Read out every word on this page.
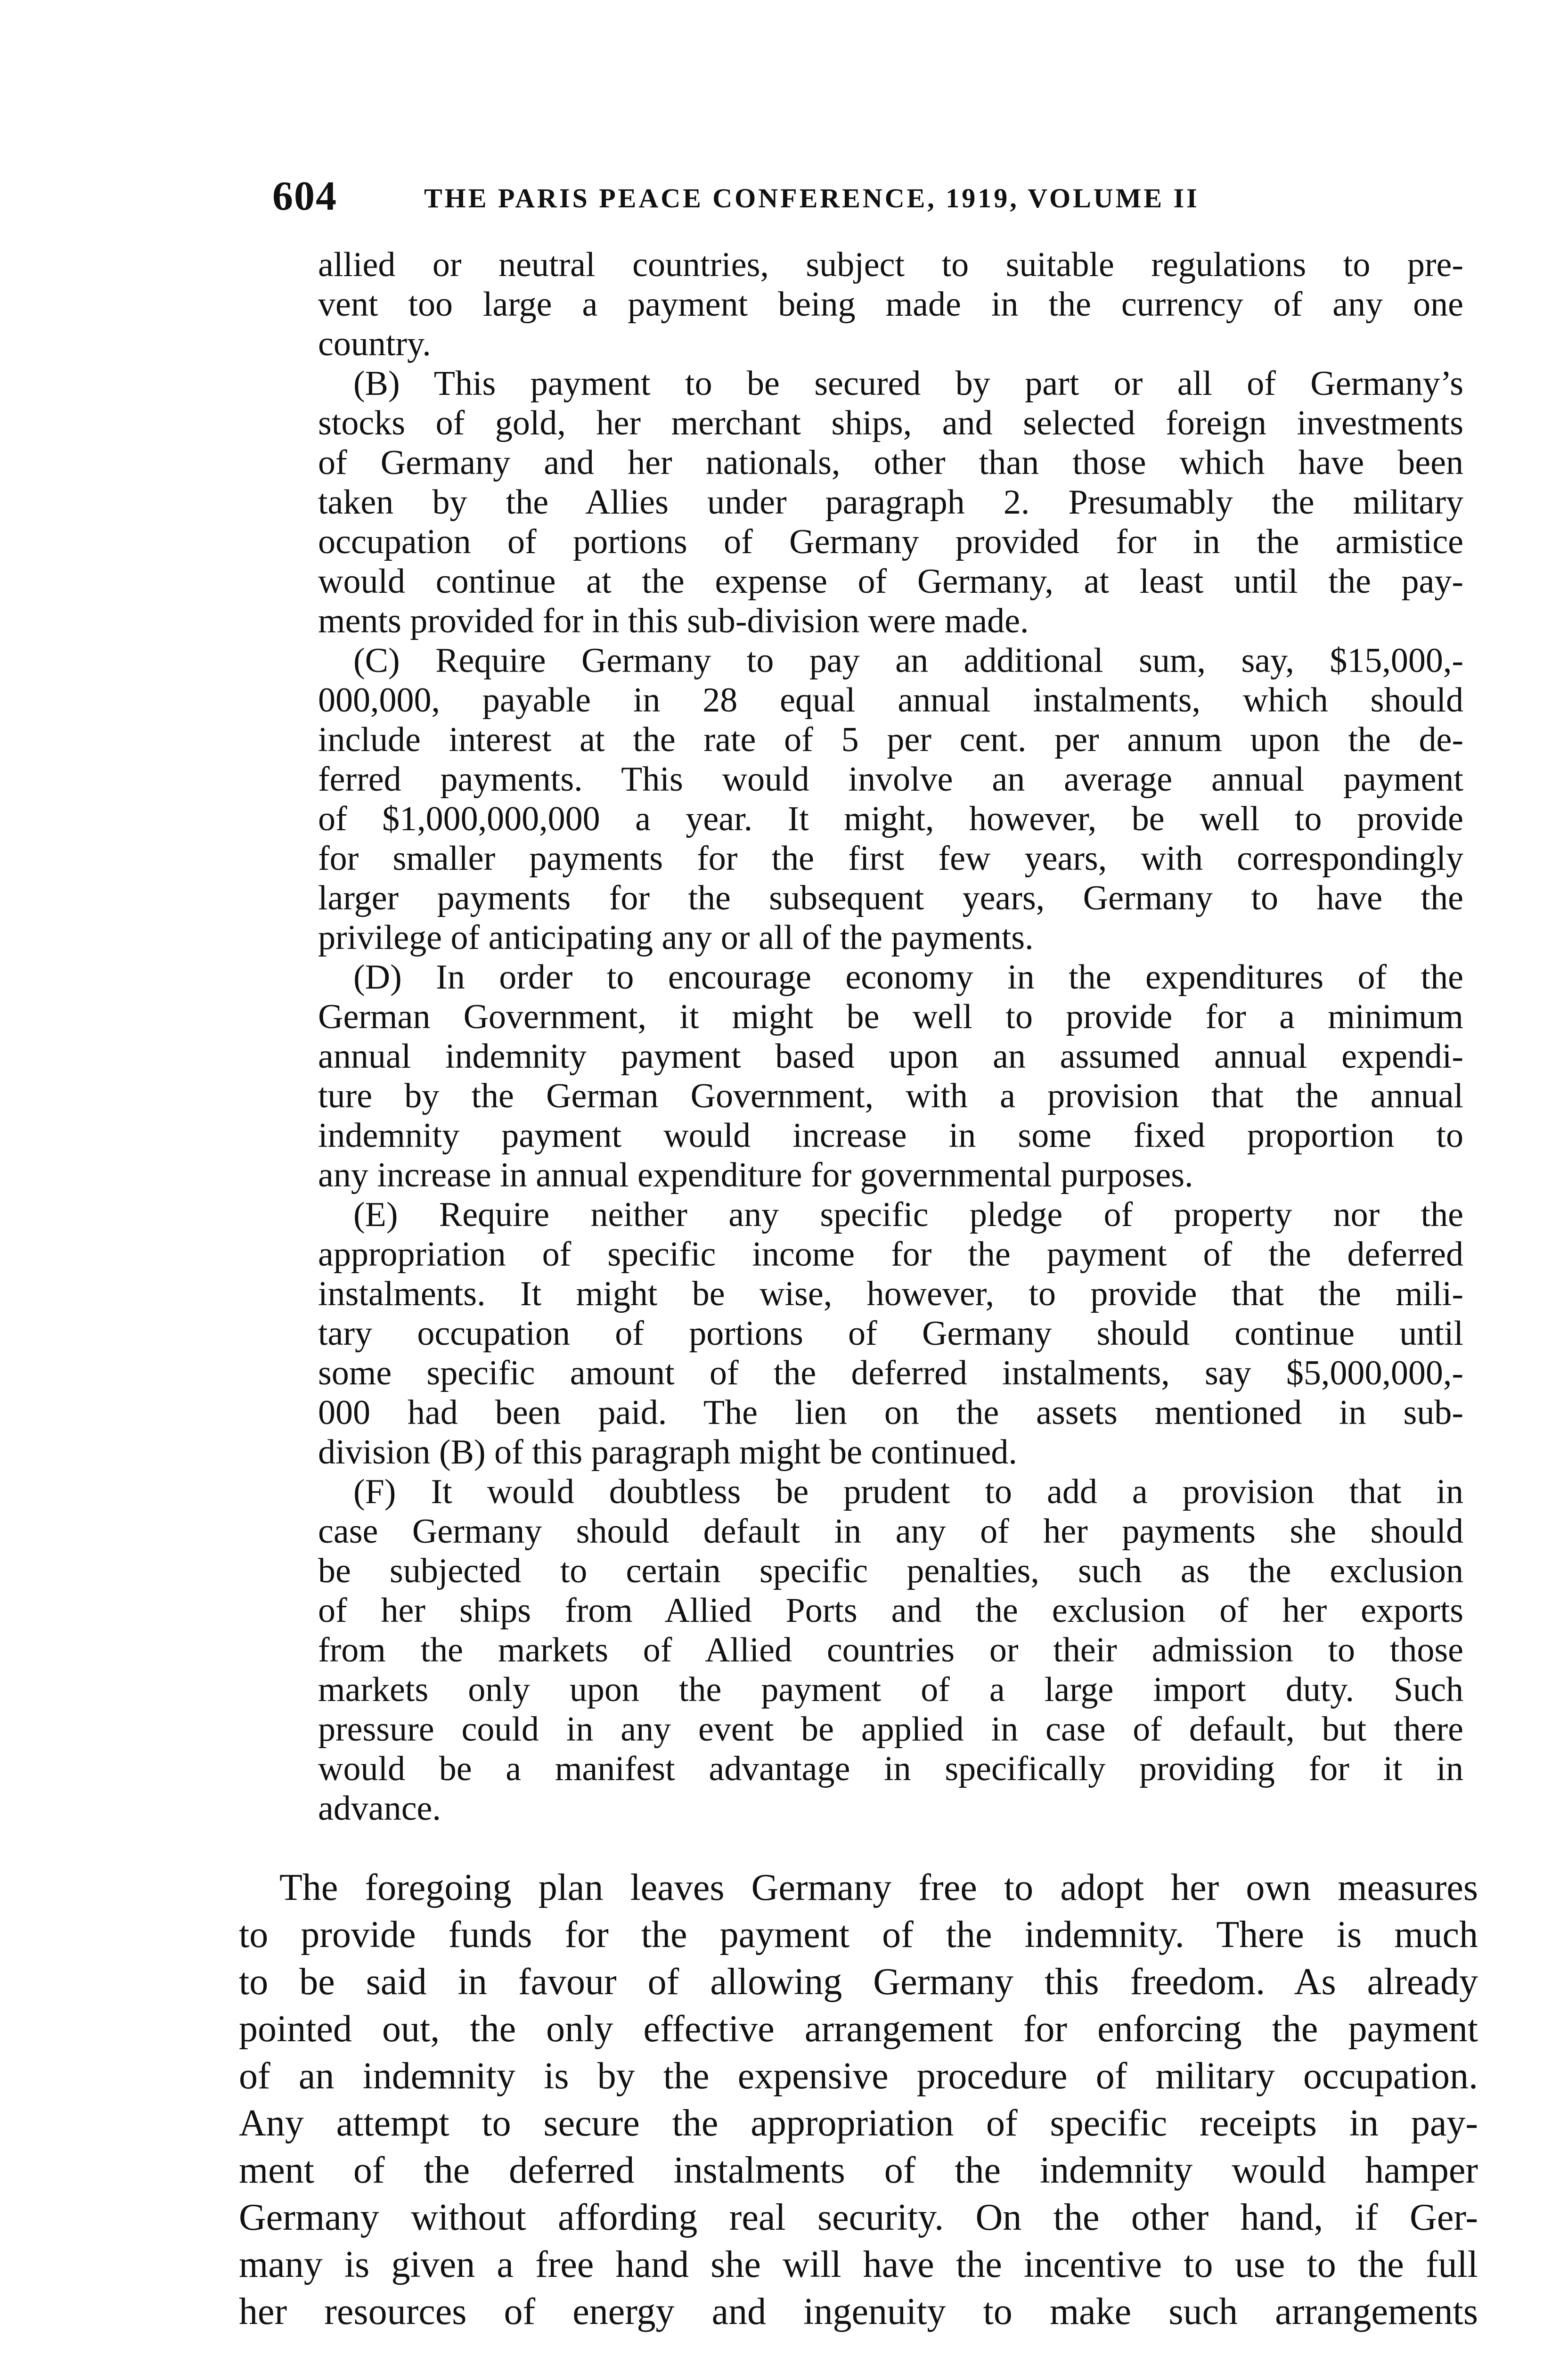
604	THE PARIS PEACE CONFERENCE, 1919, VOLUME II

allied or neutral countries, subject to suitable regulations to pre-

vent too large a payment being made in the currency of any one

country.

(B) This payment to be secured by part or all of Germany’s

stocks of gold, her merchant ships, and selected foreign investments

of Germany and her nationals, other than those which have been

taken by the Allies under paragraph 2. Presumably the military

occupation of portions of Germany provided for in the armistice

would continue at the expense of Germany, at least until the pay-

ments provided for in this sub-division were made.

(C) Require Germany to pay an additional sum, say, $15,000,-

000,000, payable in 28 equal annual instalments, which should

include interest at the rate of 5 per cent. per annum upon the de-

ferred payments. This would involve an average annual payment

of $1,000,000,000 a year. It might, however, be well to provide

for smaller payments for the first few years, with correspondingly

larger payments for the subsequent years, Germany to have the

privilege of anticipating any or all of the payments.

(D) In order to encourage economy in the expenditures of the

German Government, it might be well to provide for a minimum

annual indemnity payment based upon an assumed annual expendi-

ture by the German Government, with a provision that the annual

indemnity payment would increase in some fixed proportion to

any increase in annual expenditure for governmental purposes.

(E) Require neither any specific pledge of property nor the

appropriation of specific income for the payment of the deferred

instalments. It might be wise, however, to provide that the mili-

tary occupation of portions of Germany should continue until

some specific amount of the deferred instalments, say $5,000,000,-

000 had been paid. The lien on the assets mentioned in sub-

division (B) of this paragraph might be continued.

(F) It would doubtless be prudent to add a provision that in

case Germany should default in any of her payments she should

be subjected to certain specific penalties, such as the exclusion

of her ships from Allied Ports and the exclusion of her exports

from the markets of Allied countries or their admission to those

markets only upon the payment of a large import duty. Such

pressure could in any event be applied in case of default, but there

would be a manifest advantage in specifically providing for it in

advance.

The foregoing plan leaves Germany free to adopt her own measures

to provide funds for the payment of the indemnity. There is much

to be said in favour of allowing Germany this freedom. As already

pointed out, the only effective arrangement for enforcing the payment

of an indemnity is by the expensive procedure of military occupation.

Any attempt to secure the appropriation of specific receipts in pay-

ment of the deferred instalments of the indemnity would hamper

Germany without affording real security. On the other hand, if Ger-

many is given a free hand she will have the incentive to use to the full

her resources of energy and ingenuity to make such arrangements
